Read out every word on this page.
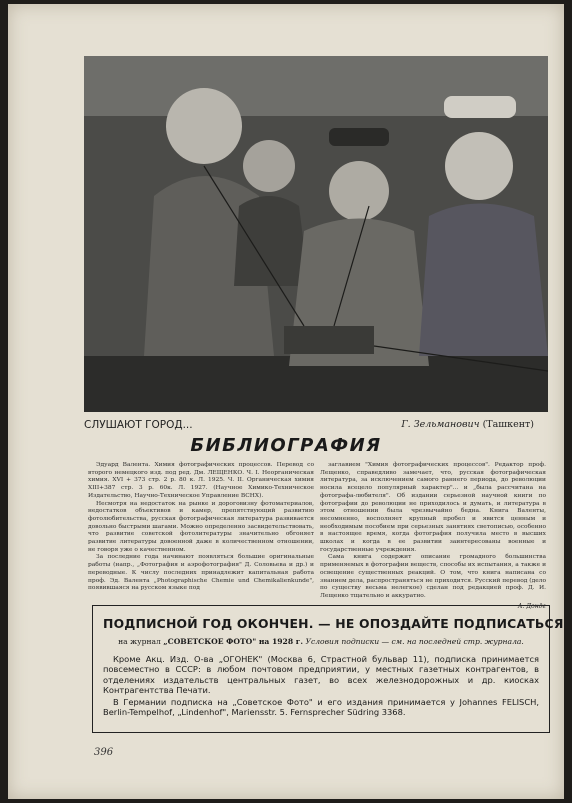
СЛУШАЮТ ГОРОД...	Г. Зельманович (Ташкент)
БИБЛИОГРАФИЯ

Эдуард Валента. Химия фотографических процессов. Перевод со второго немецкого изд. под ред. Дм. ЛЕЩЕНКО. Ч. I. Неорганическая химия. XVI + 373 стр. 2 р. 80 к. Л. 1925. Ч. II. Органическая химия XIII+387 стр. 3 р. 60к. Л. 1927. (Научное Химико-Техническое Издательство, Научно-Техническое Управление ВСНХ).

Несмотря на недостаток на рынке и дороговизну фотоматериалов, недостатков объективов и камер, препятствующий развитию фотолюбительства, русская фотографическая литература развивается довольно быстрыми шагами. Можно определенно засвидетельствовать, что развитие советской фотолитературы значительно обгоняет развитие литературы довоенной даже в количественном отношении, не говоря уже о качественном.

За последние года начинают появляться большие оригинальные работы (напр., „Фотография и аэрофотография" Д. Соловьева и др.) и переводные. К числу последних принадлежит капитальная работа проф. Эд. Валента „Photographische Chemie und Chemikalienkunde", появившаяся на русском языке под

заглавием "Химия фотографических процессов". Редактор проф. Лещенко, справедливо замечает, что, русская фотографическая литература, за исключением самого раннего периода, до революции носила всецело популярный характер"... и „была рассчитана на фотографа-любителя". Об издании серьезной научной книги по фотографии до революции не приходилось и думать, и литература в этом отношении была чрезвычайно бедна. Книга Валенты, несомненно, восполняет крупный пробел и явится ценным и необходимым пособием при серьезных занятиях светописью, особенно в настоящее время, когда фотография получила место в высших школах и когда в ее развитии заинтересованы военные и государственные учреждения.

Сама книга содержит описание громадного большинства применяемых в фотографии веществ, способы их испытания, а также и освещение существенных реакций. О том, что книга написана со знанием дела, распространяться не приходится. Русский перевод (дело по существу весьма нелегкое) сделан под редакцией проф. Д. И. Лещенко тщательно и аккуратно.

А. Донде
ПОДПИСНОЙ ГОД ОКОНЧЕН. — НЕ ОПОЗДАЙТЕ ПОДПИСАТЬСЯ
на журнал „СОВЕТСКОЕ ФОТО" на 1928 г. Условия подписки — см. на последней стр. журнала.

Кроме Акц. Изд. О-ва „ОГОНЕК" (Москва 6, Страстной бульвар 11), подписка принимается повсеместно в СССР: в любом почтовом предприятии, у местных газетных контрагентов, в отделениях издательств центральных газет, во всех железнодорожных и др. киосках Контрагентства Печати.

В Германии подписка на „Советское Фото" и его издания принимается у Johannes FELISCH, Berlin-Tempelhof, „Lindenhof", Mariensstr. 5. Fernsprecher Südring 3368.

396
